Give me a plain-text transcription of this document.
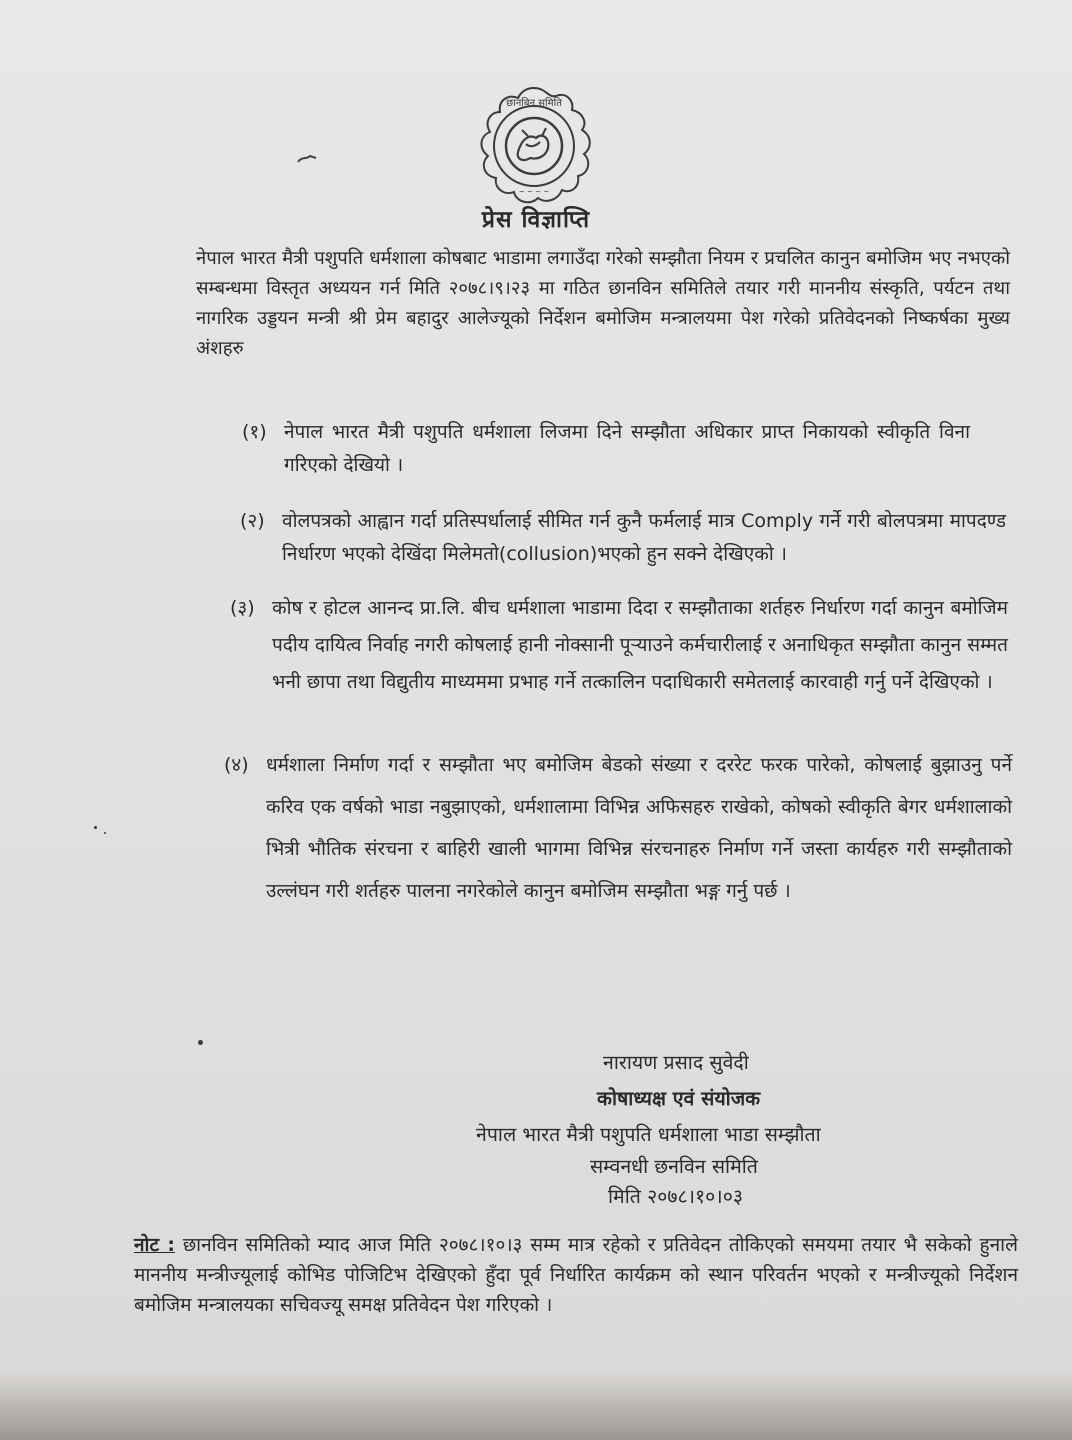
छानबिन समिति
~ ~ ~ ~
प्रेस विज्ञाप्ति
नेपाल भारत मैत्री पशुपति धर्मशाला कोषबाट भाडामा लगाउँदा गरेको सम्झौता नियम र प्रचलित कानुन बमोजिम भए नभएको सम्बन्धमा विस्तृत अध्ययन गर्न मिति २०७८।९।२३ मा गठित छानविन समितिले तयार गरी माननीय संस्कृति, पर्यटन तथा नागरिक उड्डयन मन्त्री श्री प्रेम बहादुर आलेज्यूको निर्देशन बमोजिम मन्त्रालयमा पेश गरेको प्रतिवेदनको निष्कर्षका मुख्य अंशहरु
(१) नेपाल भारत मैत्री पशुपति धर्मशाला लिजमा दिने सम्झौता अधिकार प्राप्त निकायको स्वीकृति विना गरिएको देखियो ।
(२) वोलपत्रको आह्वान गर्दा प्रतिस्पर्धालाई सीमित गर्न कुनै फर्मलाई मात्र Comply गर्ने गरी बोलपत्रमा मापदण्ड निर्धारण भएको देखिंदा मिलेमतो(collusion)भएको हुन सक्ने देखिएको ।
(३) कोष र होटल आनन्द प्रा.लि. बीच धर्मशाला भाडामा दिदा र सम्झौताका शर्तहरु निर्धारण गर्दा कानुन बमोजिम पदीय दायित्व निर्वाह नगरी कोषलाई हानी नोक्सानी पूऱ्याउने कर्मचारीलाई र अनाधिकृत सम्झौता कानुन सम्मत भनी छापा तथा विद्युतीय माध्यममा प्रभाह गर्ने तत्कालिन पदाधिकारी समेतलाई कारवाही गर्नु पर्ने देखिएको ।
(४) धर्मशाला निर्माण गर्दा र सम्झौता भए बमोजिम बेडको संख्या र दररेट फरक पारेको, कोषलाई बुझाउनु पर्ने करिव एक वर्षको भाडा नबुझाएको, धर्मशालामा विभिन्न अफिसहरु राखेको, कोषको स्वीकृति बेगर धर्मशालाको भित्री भौतिक संरचना र बाहिरी खाली भागमा विभिन्न संरचनाहरु निर्माण गर्ने जस्ता कार्यहरु गरी सम्झौताको उल्लंघन गरी शर्तहरु पालना नगरेकोले कानुन बमोजिम सम्झौता भङ्ग गर्नु पर्छ ।
नारायण प्रसाद सुवेदी
कोषाध्यक्ष एवं संयोजक
नेपाल भारत मैत्री पशुपति धर्मशाला भाडा सम्झौता
सम्वनधी छनविन समिति
मिति २०७८।१०।०३
नोट : छानविन समितिको म्याद आज मिति २०७८।१०।३ सम्म मात्र रहेको र प्रतिवेदन तोकिएको समयमा तयार भै सकेको हुनाले माननीय मन्त्रीज्यूलाई कोभिड पोजिटिभ देखिएको हुँदा पूर्व निर्धारित कार्यक्रम को स्थान परिवर्तन भएको र मन्त्रीज्यूको निर्देशन बमोजिम मन्त्रालयका सचिवज्यू समक्ष प्रतिवेदन पेश गरिएको ।
